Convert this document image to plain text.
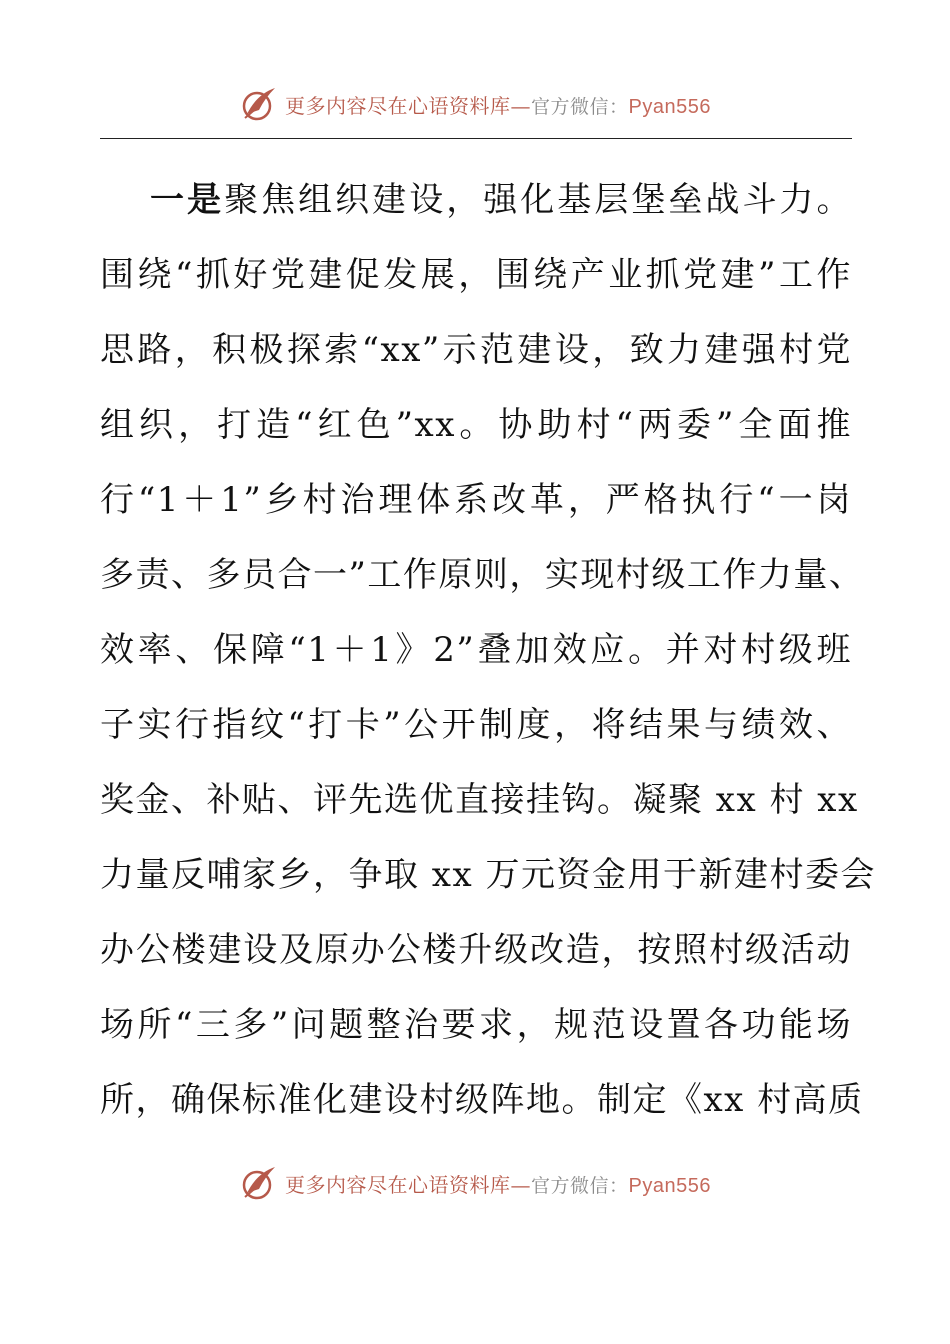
更多内容尽在心语资料库—官方微信：Pyan556
一是聚焦组织建设，强化基层堡垒战斗力。
围绕“抓好党建促发展，围绕产业抓党建”工作
思路，积极探索“xx”示范建设，致力建强村党
组织，打造“红色”xx。协助村“两委”全面推
行“1＋1”乡村治理体系改革，严格执行“一岗
多责、多员合一”工作原则，实现村级工作力量、
效率、保障“1＋1》2”叠加效应。并对村级班
子实行指纹“打卡”公开制度，将结果与绩效、
奖金、补贴、评先选优直接挂钩。凝聚 xx 村 xx
力量反哺家乡，争取 xx 万元资金用于新建村委会
办公楼建设及原办公楼升级改造，按照村级活动
场所“三多”问题整治要求，规范设置各功能场
所，确保标准化建设村级阵地。制定《xx 村高质
更多内容尽在心语资料库—官方微信：Pyan556
